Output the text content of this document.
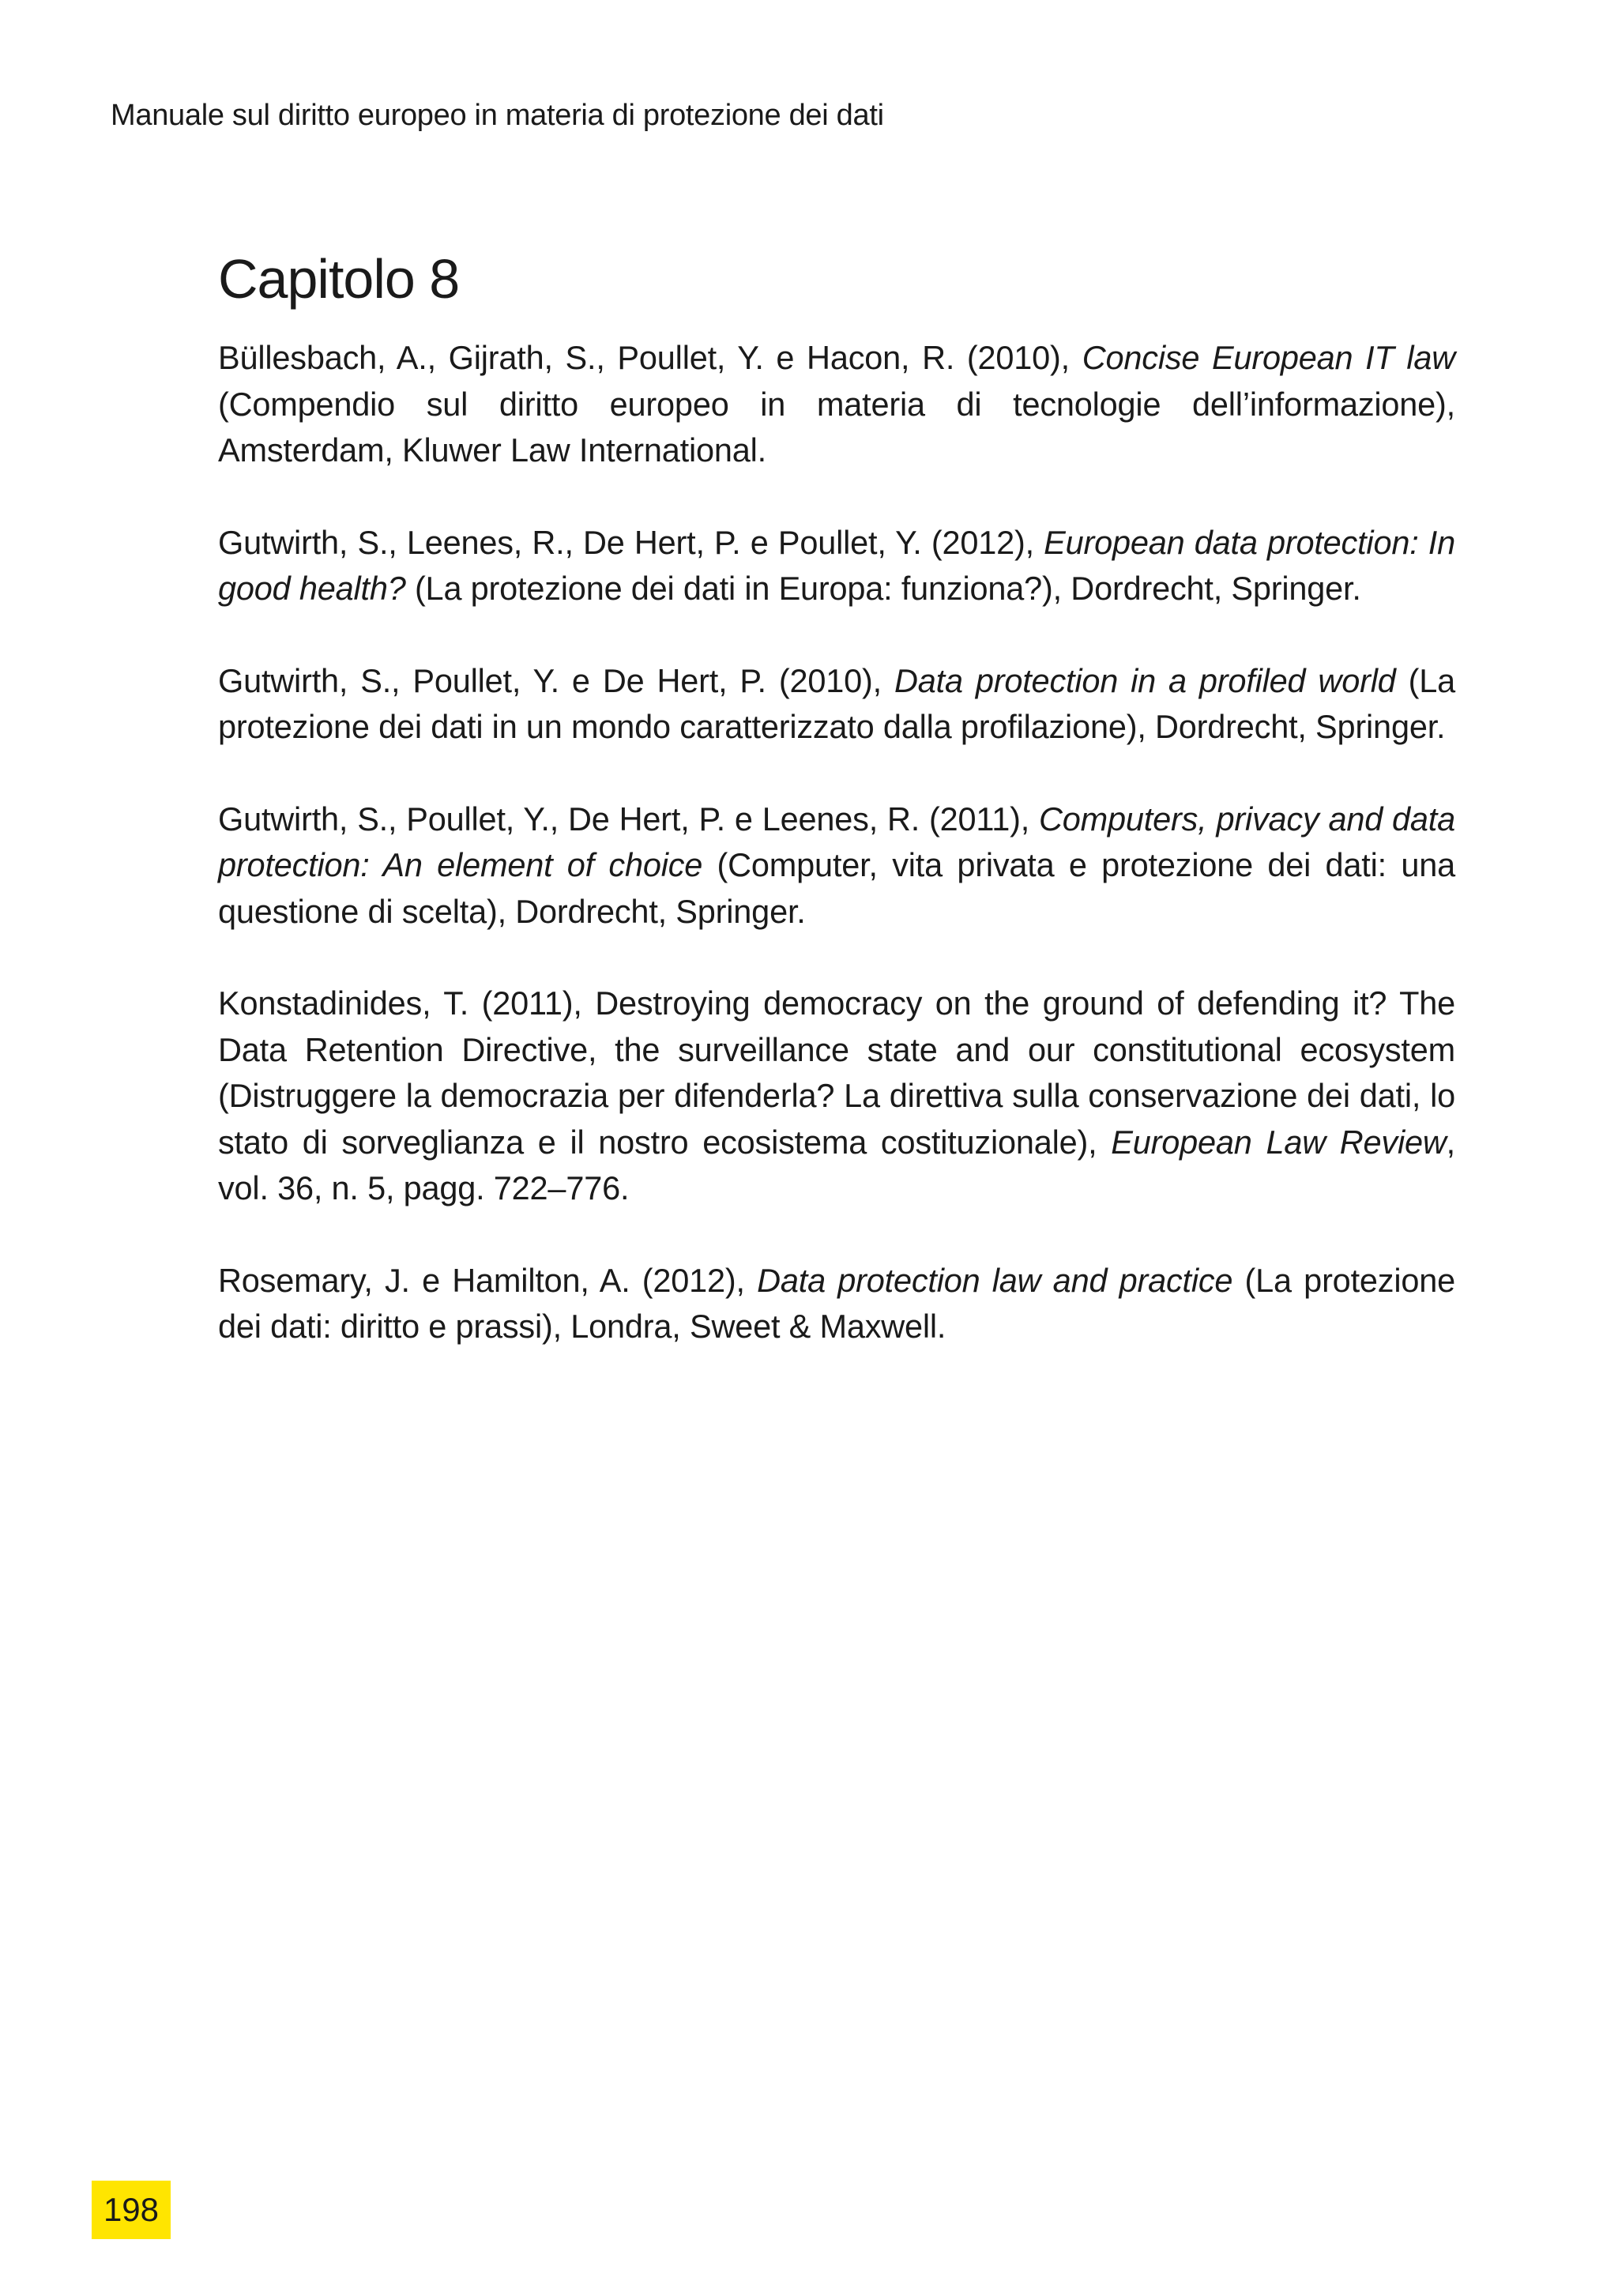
Manuale sul diritto europeo in materia di protezione dei dati
Capitolo 8

Büllesbach, A., Gijrath, S., Poullet, Y. e Hacon, R. (2010), Concise European IT law (Compendio sul diritto europeo in materia di tecnologie dell’informazione), Amsterdam, Kluwer Law International.

Gutwirth, S., Leenes, R., De Hert, P. e Poullet, Y. (2012), European data protection: In good health? (La protezione dei dati in Europa: funziona?), Dordrecht, Springer.

Gutwirth, S., Poullet, Y. e De Hert, P. (2010), Data protection in a profiled world (La protezione dei dati in un mondo caratterizzato dalla profilazione), Dordrecht, Springer.

Gutwirth, S., Poullet, Y., De Hert, P. e Leenes, R. (2011), Computers, privacy and data protection: An element of choice (Computer, vita privata e protezione dei dati: una questione di scelta), Dordrecht, Springer.

Konstadinides, T. (2011), Destroying democracy on the ground of defending it? The Data Retention Directive, the surveillance state and our constitutional ecosystem (Distruggere la democrazia per difenderla? La direttiva sulla conservazione dei dati, lo stato di sorveglianza e il nostro ecosistema costituzionale), European Law Review, vol. 36, n. 5, pagg. 722–776.

Rosemary, J. e Hamilton, A. (2012), Data protection law and practice (La protezione dei dati: diritto e prassi), Londra, Sweet & Maxwell.

198
